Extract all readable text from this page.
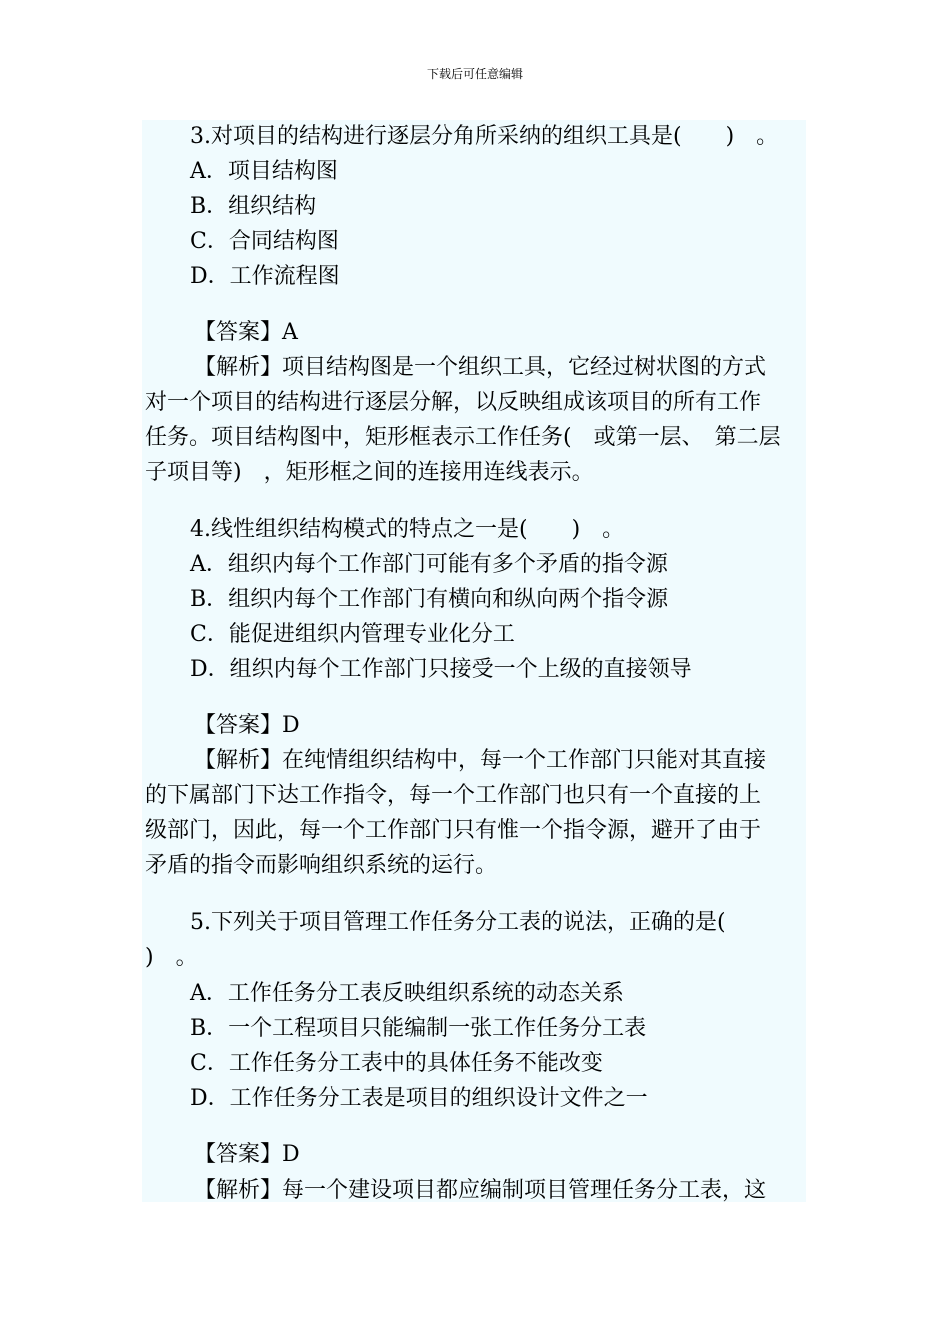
下载后可任意编辑
3.对项目的结构进行逐层分角所采纳的组织工具是(　　)　。
A．项目结构图
B．组织结构
C．合同结构图
D．工作流程图
【答案】A
【解析】项目结构图是一个组织工具，它经过树状图的方式
对一个项目的结构进行逐层分解，以反映组成该项目的所有工作
任务。项目结构图中，矩形框表示工作任务(　或第一层、　第二层
子项目等)　，矩形框之间的连接用连线表示。
4.线性组织结构模式的特点之一是(　　)　。
A．组织内每个工作部门可能有多个矛盾的指令源
B．组织内每个工作部门有横向和纵向两个指令源
C．能促进组织内管理专业化分工
D．组织内每个工作部门只接受一个上级的直接领导
【答案】D
【解析】在纯情组织结构中，每一个工作部门只能对其直接
的下属部门下达工作指令，每一个工作部门也只有一个直接的上
级部门，因此，每一个工作部门只有惟一个指令源，避开了由于
矛盾的指令而影响组织系统的运行。
5.下列关于项目管理工作任务分工表的说法，正确的是(
)　。
A．工作任务分工表反映组织系统的动态关系
B．一个工程项目只能编制一张工作任务分工表
C．工作任务分工表中的具体任务不能改变
D．工作任务分工表是项目的组织设计文件之一
【答案】D
【解析】每一个建设项目都应编制项目管理任务分工表，这
